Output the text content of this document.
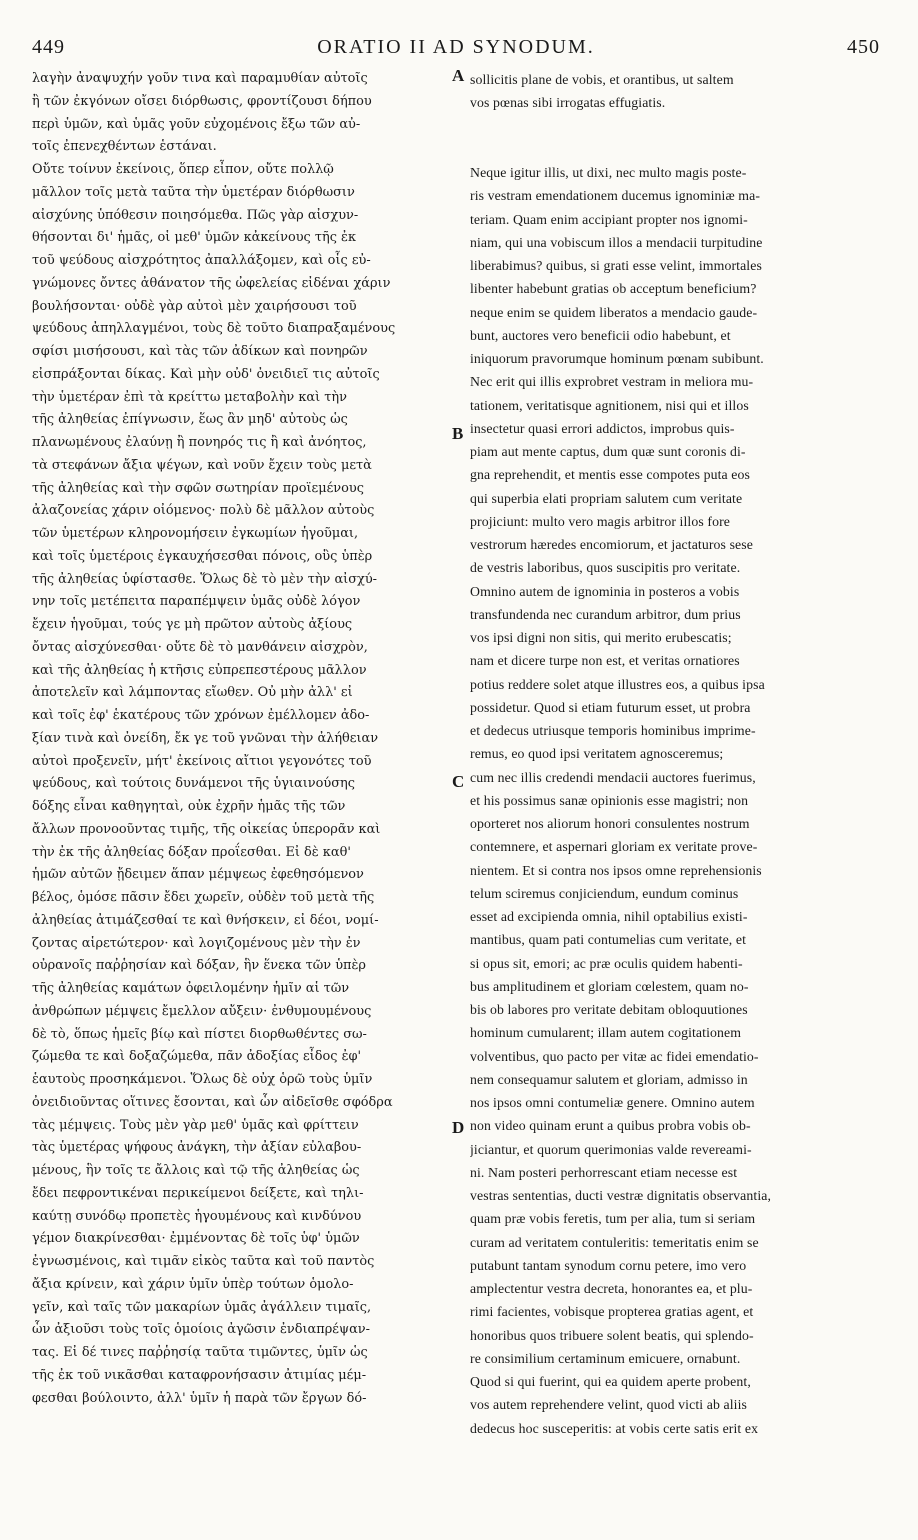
449	ORATIO II AD SYNODUM.	450
λαγὴν ἀναψυχήν γοῦν τινα καὶ παραμυθίαν αὐτοῖς
ἢ τῶν ἐκγόνων οἴσει διόρθωσις, φροντίζουσι δήπου
περὶ ὑμῶν, καὶ ὑμᾶς γοῦν εὐχομένοις ἔξω τῶν αὐ-
τοῖς ἐπενεχθέντων ἑστάναι.
Οὔτε τοίνυν ἐκείνοις, ὅπερ εἶπον, οὔτε πολλῷ
μᾶλλον τοῖς μετὰ ταῦτα τὴν ὑμετέραν διόρθωσιν
αἰσχύνης ὑπόθεσιν ποιησόμεθα. Πῶς γὰρ αἰσχυν-
θήσονται δι' ἡμᾶς, οἱ μεθ' ὑμῶν κἀκείνους τῆς ἐκ
τοῦ ψεύδους αἰσχρότητος ἀπαλλάξομεν, καὶ οἷς εὐ-
γνώμονες ὄντες ἀθάνατον τῆς ὠφελείας εἰδέναι χάριν
βουλήσονται· οὐδὲ γὰρ αὐτοὶ μὲν χαιρήσουσι τοῦ
ψεύδους ἀπηλλαγμένοι, τοὺς δὲ τοῦτο διαπραξαμένους
σφίσι μισήσουσι, καὶ τὰς τῶν ἀδίκων καὶ πονηρῶν
εἰσπράξονται δίκας. Καὶ μὴν οὐδ' ὀνειδιεῖ τις αὐτοῖς
τὴν ὑμετέραν ἐπὶ τὰ κρείττω μεταβολὴν καὶ τὴν
τῆς ἀληθείας ἐπίγνωσιν, ἕως ἂν μηδ' αὐτοὺς ὡς
πλανωμένους ἐλαύνῃ ἢ πονηρός τις ἢ καὶ ἀνόητος,
τὰ στεφάνων ἄξια ψέγων, καὶ νοῦν ἔχειν τοὺς μετὰ
τῆς ἀληθείας καὶ τὴν σφῶν σωτηρίαν προϊεμένους
ἀλαζονείας χάριν οἰόμενος· πολὺ δὲ μᾶλλον αὐτοὺς
τῶν ὑμετέρων κληρονομήσειν ἐγκωμίων ἡγοῦμαι,
καὶ τοῖς ὑμετέροις ἐγκαυχήσεσθαι πόνοις, οὓς ὑπὲρ
τῆς ἀληθείας ὑφίστασθε. Ὅλως δὲ τὸ μὲν τὴν αἰσχύ-
νην τοῖς μετέπειτα παραπέμψειν ὑμᾶς οὐδὲ λόγον
ἔχειν ἡγοῦμαι, τούς γε μὴ πρῶτον αὐτοὺς ἀξίους
ὄντας αἰσχύνεσθαι· οὔτε δὲ τὸ μανθάνειν αἰσχρὸν,
καὶ τῆς ἀληθείας ἡ κτῆσις εὐπρεπεστέρους μᾶλλον
ἀποτελεῖν καὶ λάμποντας εἴωθεν. Οὐ μὴν ἀλλ' εἰ
καὶ τοῖς ἐφ' ἑκατέρους τῶν χρόνων ἐμέλλομεν ἀδο-
ξίαν τινὰ καὶ ὀνείδη, ἔκ γε τοῦ γνῶναι τὴν ἀλήθειαν
αὐτοὶ προξενεῖν, μήτ' ἐκείνοις αἴτιοι γεγονότες τοῦ
ψεύδους, καὶ τούτοις δυνάμενοι τῆς ὑγιαινούσης
δόξης εἶναι καθηγηταὶ, οὐκ ἐχρῆν ἡμᾶς τῆς τῶν
ἄλλων προνοοῦντας τιμῆς, τῆς οἰκείας ὑπερορᾶν καὶ
τὴν ἐκ τῆς ἀληθείας δόξαν προΐεσθαι. Εἰ δὲ καθ'
ἡμῶν αὐτῶν ᾔδειμεν ἅπαν μέμψεως ἐφεθησόμενον
βέλος, ὁμόσε πᾶσιν ἔδει χωρεῖν, οὐδὲν τοῦ μετὰ τῆς
ἀληθείας ἀτιμάζεσθαί τε καὶ θνήσκειν, εἰ δέοι, νομί-
ζοντας αἱρετώτερον· καὶ λογιζομένους μὲν τὴν ἐν
οὐρανοῖς παῤῥησίαν καὶ δόξαν, ἣν ἕνεκα τῶν ὑπὲρ
τῆς ἀληθείας καμάτων ὀφειλομένην ἡμῖν αἱ τῶν
ἀνθρώπων μέμψεις ἔμελλον αὔξειν· ἐνθυμουμένους
δὲ τὸ, ὅπως ἡμεῖς βίῳ καὶ πίστει διορθωθέντες σω-
ζώμεθα τε καὶ δοξαζώμεθα, πᾶν ἀδοξίας εἶδος ἐφ'
ἑαυτοὺς προσηκάμενοι. Ὅλως δὲ οὐχ ὁρῶ τοὺς ὑμῖν
ὀνειδιοῦντας οἵτινες ἔσονται, καὶ ὧν αἰδεῖσθε σφόδρα
τὰς μέμψεις. Τοὺς μὲν γὰρ μεθ' ὑμᾶς καὶ φρίττειν
τὰς ὑμετέρας ψήφους ἀνάγκη, τὴν ἀξίαν εὐλαβου-
μένους, ἣν τοῖς τε ἄλλοις καὶ τῷ τῆς ἀληθείας ὡς
ἔδει πεφροντικέναι περικείμενοι δείξετε, καὶ τηλι-
καύτῃ συνόδῳ προπετὲς ἡγουμένους καὶ κινδύνου
γέμον διακρίνεσθαι· ἐμμένοντας δὲ τοῖς ὑφ' ὑμῶν
ἐγνωσμένοις, καὶ τιμᾶν εἰκὸς ταῦτα καὶ τοῦ παντὸς
ἄξια κρίνειν, καὶ χάριν ὑμῖν ὑπὲρ τούτων ὁμολο-
γεῖν, καὶ ταῖς τῶν μακαρίων ὑμᾶς ἀγάλλειν τιμαῖς,
ὧν ἀξιοῦσι τοὺς τοῖς ὁμοίοις ἀγῶσιν ἐνδιαπρέψαν-
τας. Εἰ δέ τινες παῤῥησίᾳ ταῦτα τιμῶντες, ὑμῖν ὡς
τῆς ἐκ τοῦ νικᾶσθαι καταφρονήσασιν ἀτιμίας μέμ-
φεσθαι βούλοιντο, ἀλλ' ὑμῖν ἡ παρὰ τῶν ἔργων δό-
sollicitis plane de vobis, et orantibus, ut saltem
vos pœnas sibi irrogatas effugiatis.

Neque igitur illis, ut dixi, nec multo magis poste-
ris vestram emendationem ducemus ignominiæ ma-
teriam. Quam enim accipiant propter nos ignomi-
niam, qui una vobiscum illos a mendacii turpitudine
liberabimus? quibus, si grati esse velint, immortales
libenter habebunt gratias ob acceptum beneficium?
neque enim se quidem liberatos a mendacio gaude-
bunt, auctores vero beneficii odio habebunt, et
iniquorum pravorumque hominum pœnam subibunt.
Nec erit qui illis exprobret vestram in meliora mu-
tationem, veritatisque agnitionem, nisi qui et illos
insectetur quasi errori addictos, improbus quis-
piam aut mente captus, dum quæ sunt coronis di-
gna reprehendit, et mentis esse compotes puta eos
qui superbia elati propriam salutem cum veritate
projiciunt: multo vero magis arbitror illos fore
vestrorum hæredes encomiorum, et jactaturos sese
de vestris laboribus, quos suscipitis pro veritate.
Omnino autem de ignominia in posteros a vobis
transfundenda nec curandum arbitror, dum prius
vos ipsi digni non sitis, qui merito erubescatis;
nam et dicere turpe non est, et veritas ornatiores
potius reddere solet atque illustres eos, a quibus ipsa
possidetur. Quod si etiam futurum esset, ut probra
et dedecus utriusque temporis hominibus imprime-
remus, eo quod ipsi veritatem agnosceremus;
cum nec illis credendi mendacii auctores fuerimus,
et his possimus sanæ opinionis esse magistri; non
oporteret nos aliorum honori consulentes nostrum
contemnere, et aspernari gloriam ex veritate prove-
nientem. Et si contra nos ipsos omne reprehensionis
telum sciremus conjiciendum, eundum cominus
esset ad excipienda omnia, nihil optabilius existi-
mantibus, quam pati contumelias cum veritate, et
si opus sit, emori; ac præ oculis quidem habenti-
bus amplitudinem et gloriam cœlestem, quam no-
bis ob labores pro veritate debitam obloquutiones
hominum cumularent; illam autem cogitationem
volventibus, quo pacto per vitæ ac fidei emendatio-
nem consequamur salutem et gloriam, admisso in
nos ipsos omni contumeliæ genere. Omnino autem
non video quinam erunt a quibus probra vobis ob-
jiciantur, et quorum querimonias valde revereami-
ni. Nam posteri perhorrescant etiam necesse est
vestras sententias, ducti vestræ dignitatis observantia,
quam præ vobis feretis, tum per alia, tum si seriam
curam ad veritatem contuleritis: temeritatis enim se
putabunt tantam synodum cornu petere, imo vero
amplectentur vestra decreta, honorantes ea, et plu-
rimi facientes, vobisque propterea gratias agent, et
honoribus quos tribuere solent beatis, qui splendo-
re consimilium certaminum emicuere, ornabunt.
Quod si qui fuerint, qui ea quidem aperte probent,
vos autem reprehendere velint, quod victi ab aliis
dedecus hoc susceperitis: at vobis certe satis erit ex
A
B
C
D
